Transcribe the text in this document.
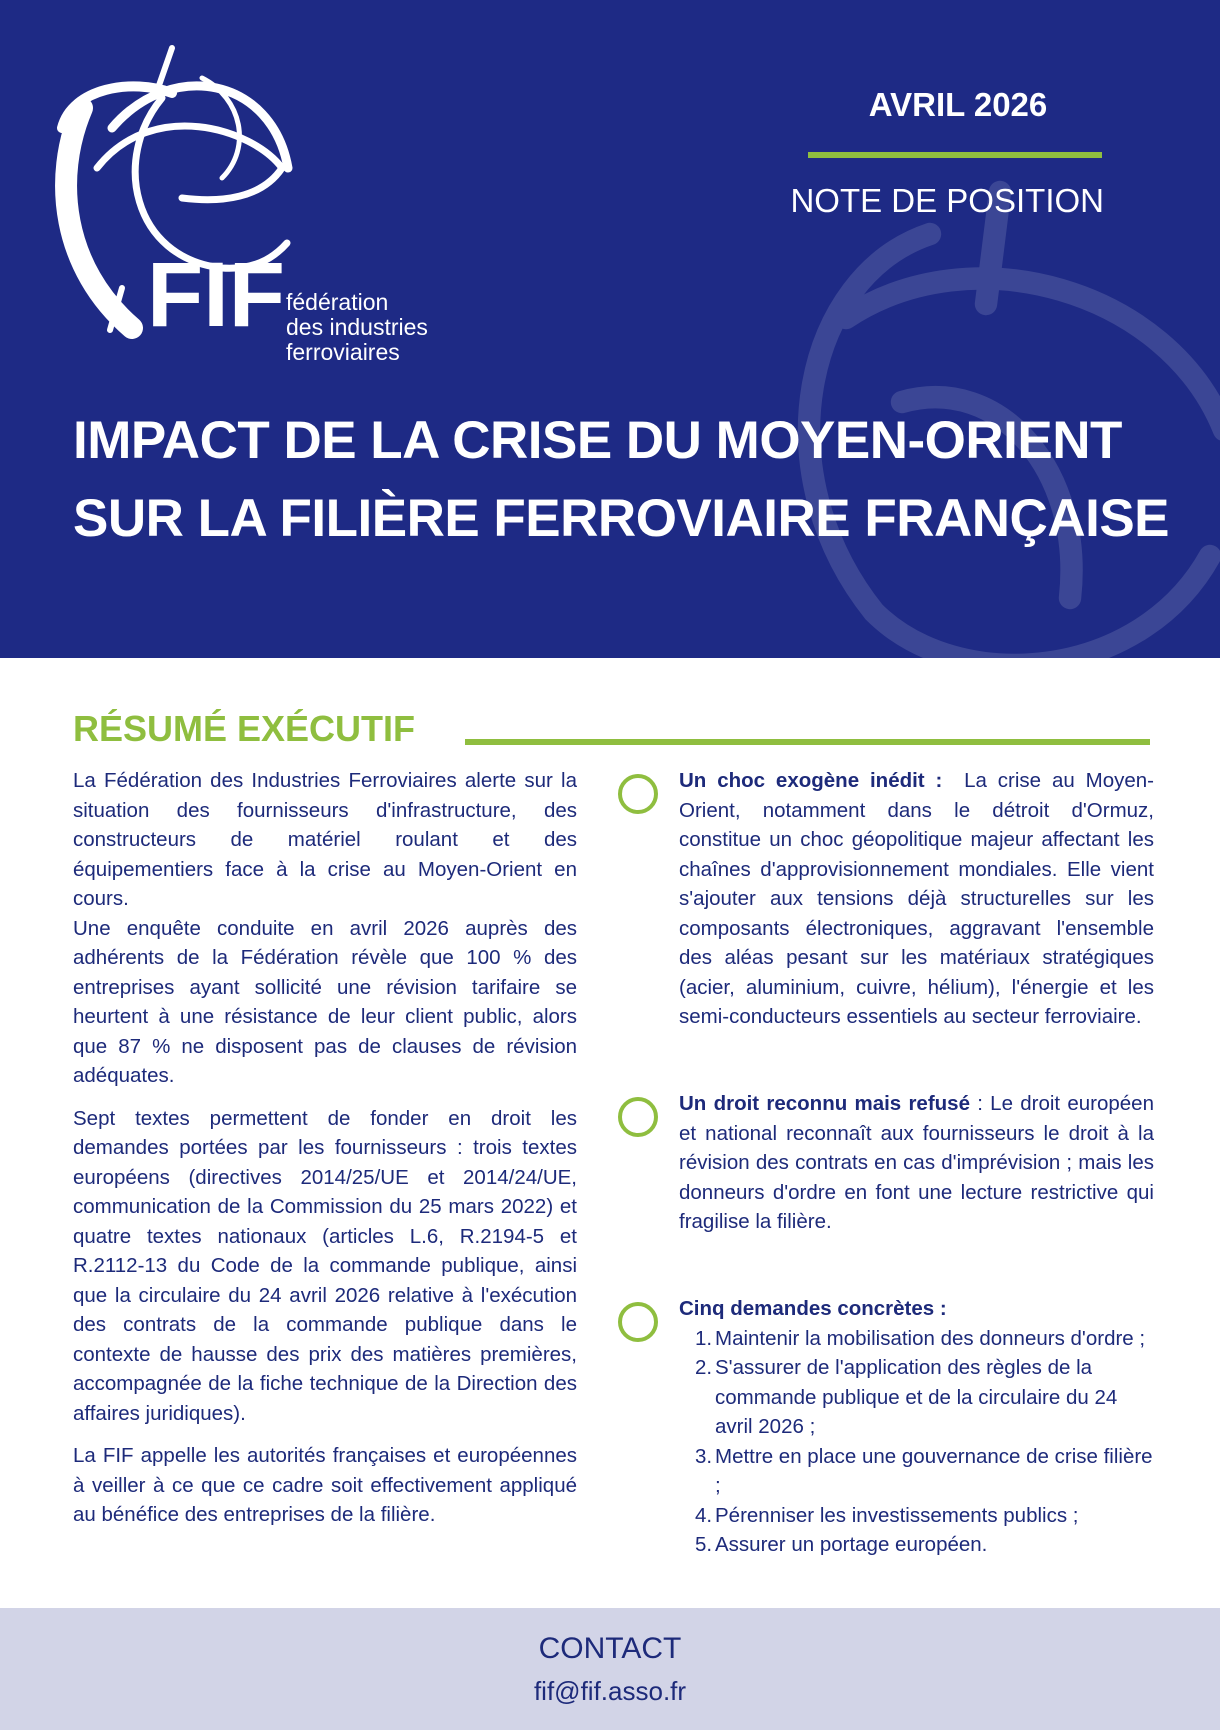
FIF fédération
des industries
ferroviaires
AVRIL 2026
NOTE DE POSITION
IMPACT DE LA CRISE DU MOYEN-ORIENT
SUR LA FILIÈRE FERROVIAIRE FRANÇAISE
RÉSUMÉ EXÉCUTIF

La Fédération des Industries Ferroviaires alerte sur la situation des fournisseurs d'infrastructure, des constructeurs de matériel roulant et des équipementiers face à la crise au Moyen-Orient en cours.

Une enquête conduite en avril 2026 auprès des adhérents de la Fédération révèle que 100 % des entreprises ayant sollicité une révision tarifaire se heurtent à une résistance de leur client public, alors que 87 % ne disposent pas de clauses de révision adéquates.

Sept textes permettent de fonder en droit les demandes portées par les fournisseurs : trois textes européens (directives 2014/25/UE et 2014/24/UE, communication de la Commission du 25 mars 2022) et quatre textes nationaux (articles L.6, R.2194-5 et R.2112-13 du Code de la commande publique, ainsi que la circulaire du 24 avril 2026 relative à l'exécution des contrats de la commande publique dans le contexte de hausse des prix des matières premières, accompagnée de la fiche technique de la Direction des affaires juridiques).

La FIF appelle les autorités françaises et européennes à veiller à ce que ce cadre soit effectivement appliqué au bénéfice des entreprises de la filière.

Un choc exogène inédit : La crise au Moyen-Orient, notamment dans le détroit d'Ormuz, constitue un choc géopolitique majeur affectant les chaînes d'approvisionnement mondiales. Elle vient s'ajouter aux tensions déjà structurelles sur les composants électroniques, aggravant l'ensemble des aléas pesant sur les matériaux stratégiques (acier, aluminium, cuivre, hélium), l'énergie et les semi-conducteurs essentiels au secteur ferroviaire.

Un droit reconnu mais refusé : Le droit européen et national reconnaît aux fournisseurs le droit à la révision des contrats en cas d'imprévision ; mais les donneurs d'ordre en font une lecture restrictive qui fragilise la filière.

Cinq demandes concrètes :
1. Maintenir la mobilisation des donneurs d'ordre ;
2. S'assurer de l'application des règles de la commande publique et de la circulaire du 24 avril 2026 ;
3. Mettre en place une gouvernance de crise filière ;
4. Pérenniser les investissements publics ;
5. Assurer un portage européen.
CONTACT
fif@fif.asso.fr
